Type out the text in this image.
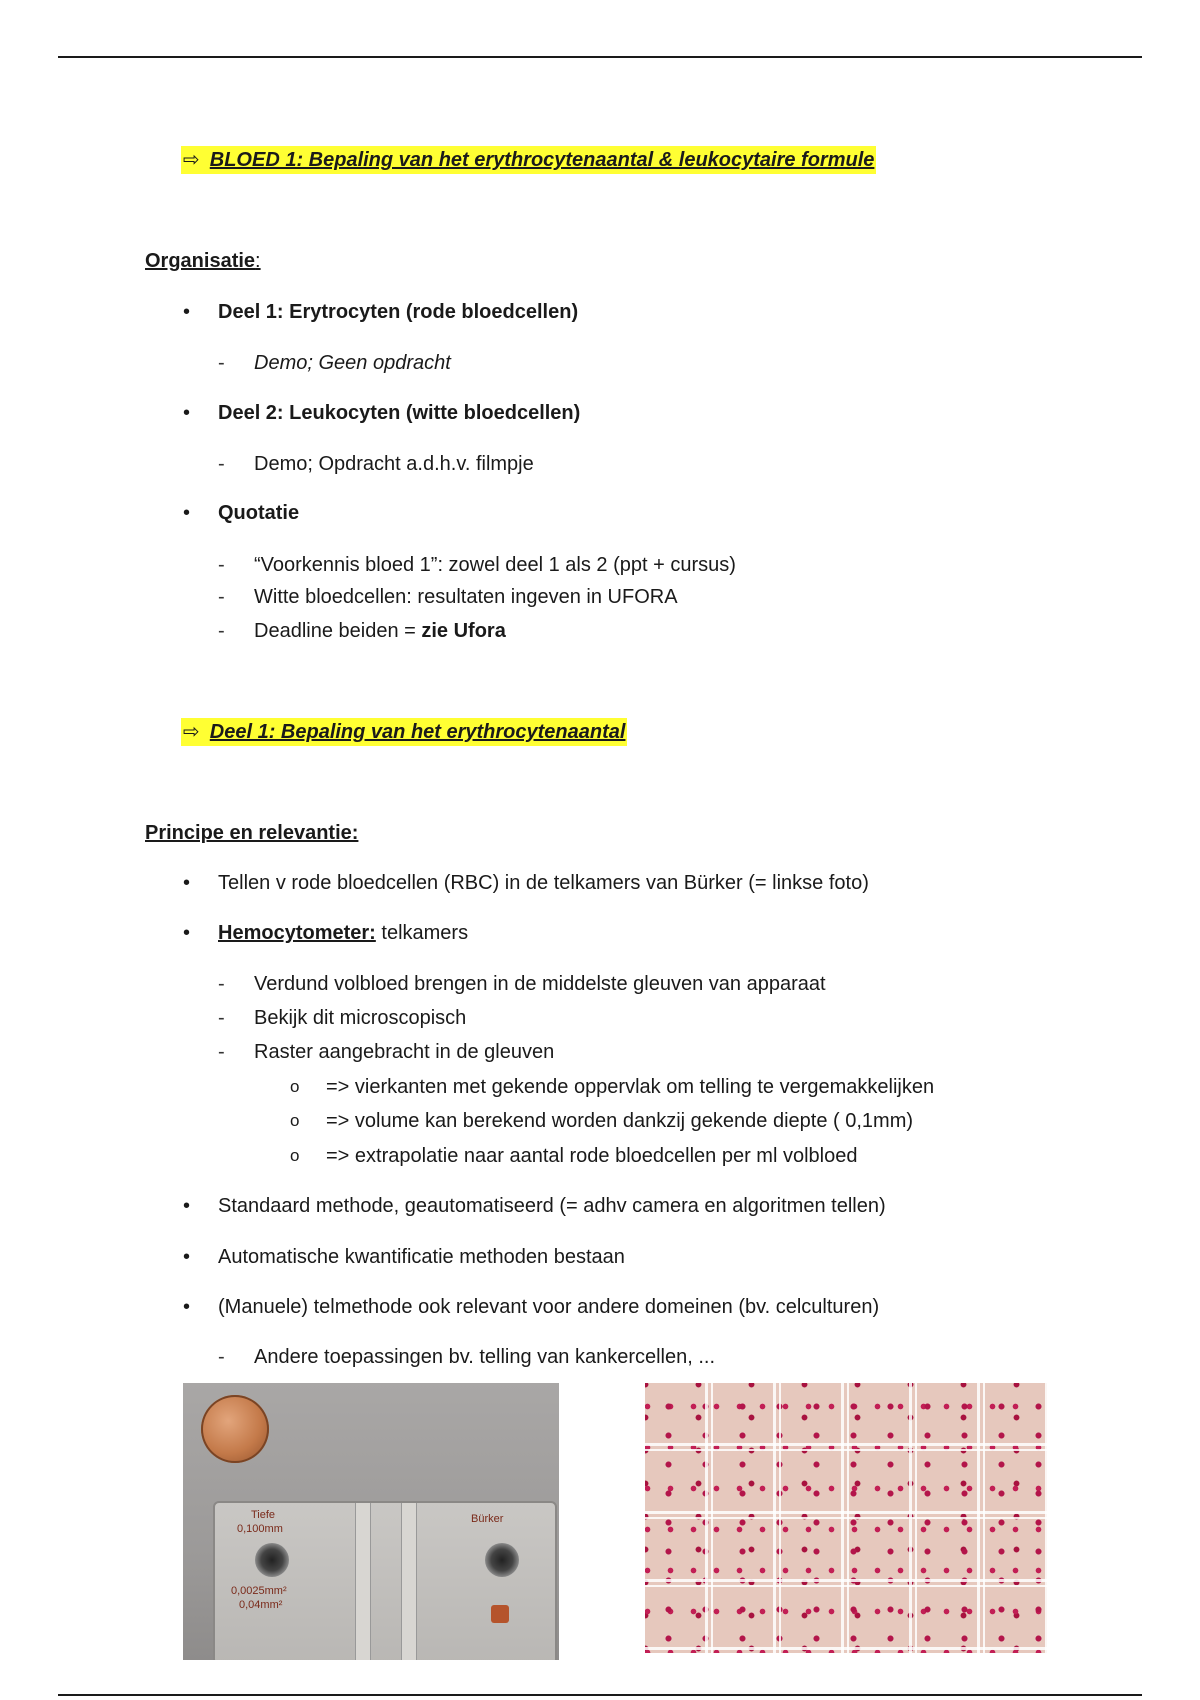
⇨ BLOED 1: Bepaling van het erythrocytenaantal & leukocytaire formule
Organisatie:
• Deel 1: Erytrocyten (rode bloedcellen)
- Demo; Geen opdracht
• Deel 2: Leukocyten (witte bloedcellen)
- Demo; Opdracht a.d.h.v. filmpje
• Quotatie
- “Voorkennis bloed 1”: zowel deel 1 als 2 (ppt + cursus)
- Witte bloedcellen: resultaten ingeven in UFORA
- Deadline beiden = zie Ufora
⇨ Deel 1: Bepaling van het erythrocytenaantal
Principe en relevantie:
• Tellen v rode bloedcellen (RBC) in de telkamers van Bürker (= linkse foto)
• Hemocytometer: telkamers
- Verdund volbloed brengen in de middelste gleuven van apparaat
- Bekijk dit microscopisch
- Raster aangebracht in de gleuven
o => vierkanten met gekende oppervlak om telling te vergemakkelijken
o => volume kan berekend worden dankzij gekende diepte ( 0,1mm)
o => extrapolatie naar aantal rode bloedcellen per ml volbloed
• Standaard methode, geautomatiseerd (= adhv camera en algoritmen tellen)
• Automatische kwantificatie methoden bestaan
• (Manuele) telmethode ook relevant voor andere domeinen (bv. celculturen)
- Andere toepassingen bv. telling van kankercellen, ...
Tiefe
0,100mm
0,0025mm²
0,04mm²
Bürker
